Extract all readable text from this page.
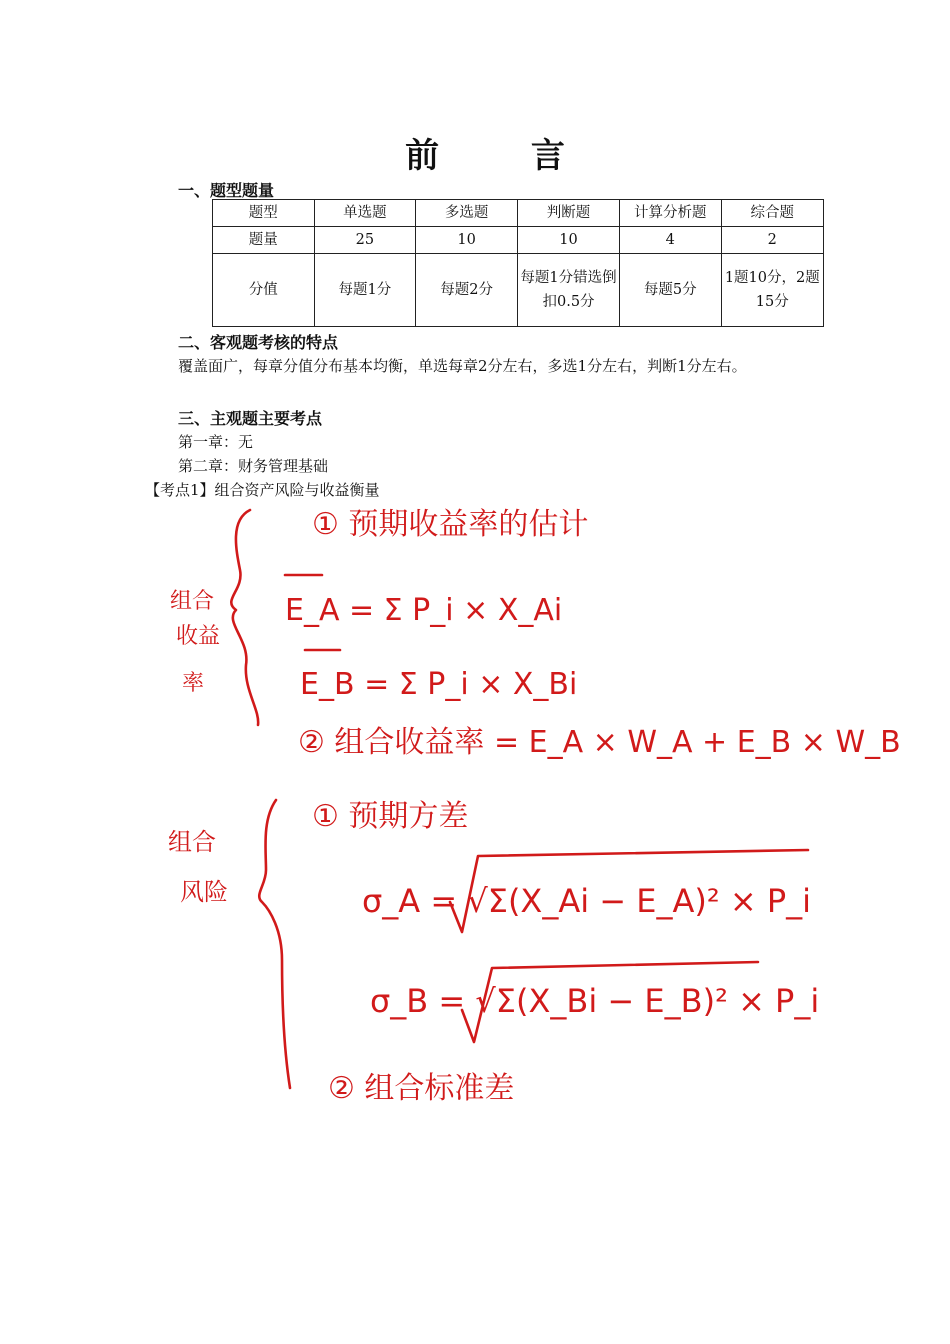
前 言
一、题型题量
题型	单选题	多选题	判断题	计算分析题	综合题
题量	25	10	10	4	2
分值	每题1分	每题2分	每题1分错选倒扣0.5分	每题5分	1题10分，2题15分
二、客观题考核的特点
覆盖面广，每章分值分布基本均衡，单选每章2分左右，多选1分左右，判断1分左右。
三、主观题主要考点
第一章：无
第二章：财务管理基础
【考点1】组合资产风险与收益衡量
组合
收益
率
① 预期收益率的估计
E_A = Σ P_i × X_Ai
E_B = Σ P_i × X_Bi
② 组合收益率 = E_A × W_A + E_B × W_B
组合
风险
① 预期方差
σ_A = √Σ(X_Ai − E_A)² × P_i
σ_B = √Σ(X_Bi − E_B)² × P_i
② 组合标准差
